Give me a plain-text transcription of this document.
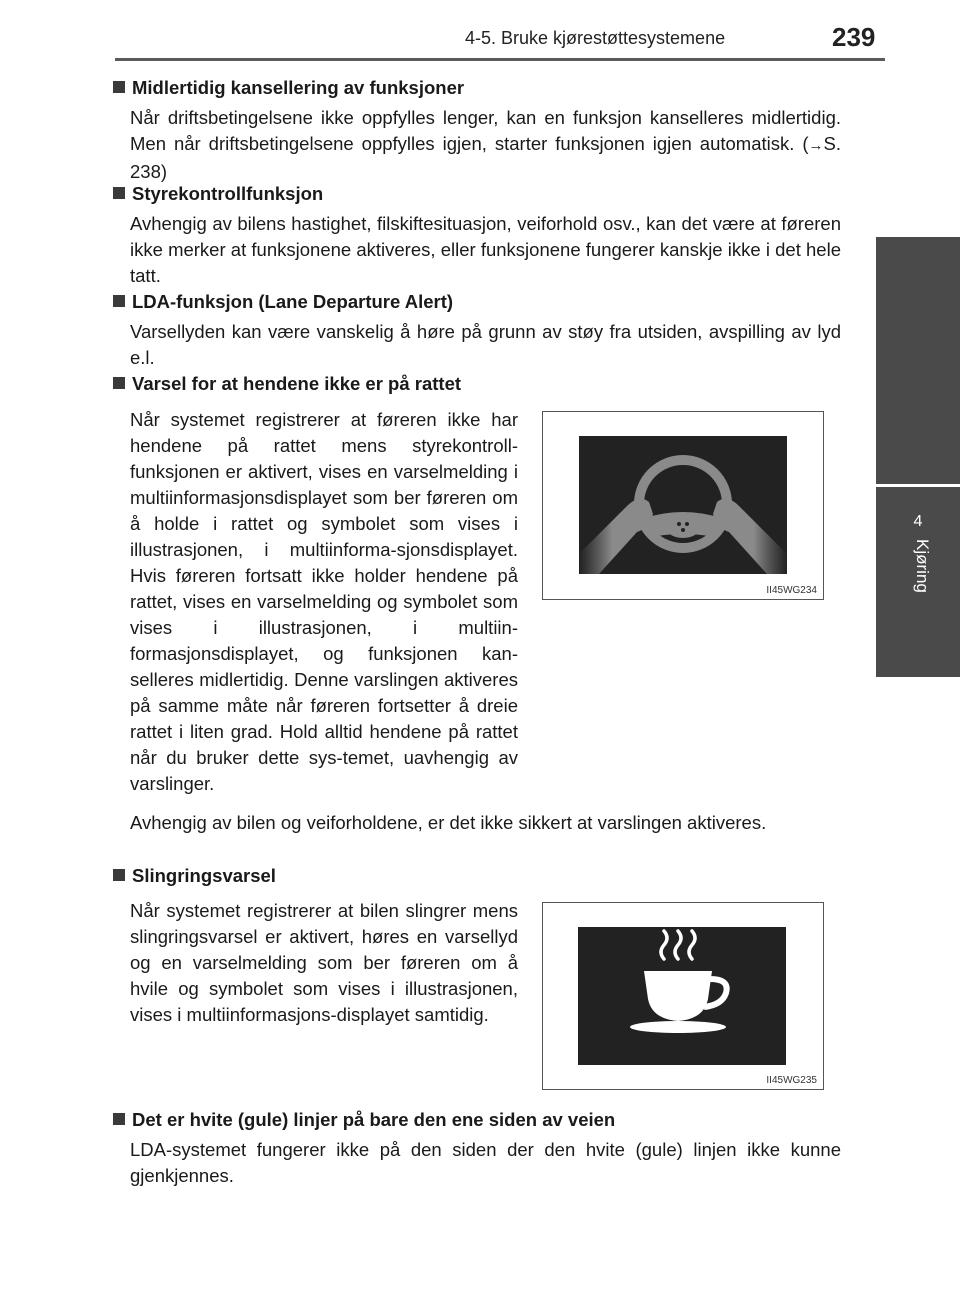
4-5. Bruke kjørestøttesystemene	239
4
Kjøring
Midlertidig kansellering av funksjoner
Når driftsbetingelsene ikke oppfylles lenger, kan en funksjon kanselleres midlertidig. Men når driftsbetingelsene oppfylles igjen, starter funksjonen igjen automatisk. (→S. 238)
Styrekontrollfunksjon
Avhengig av bilens hastighet, filskiftesituasjon, veiforhold osv., kan det være at føreren ikke merker at funksjonene aktiveres, eller funksjonene fungerer kanskje ikke i det hele tatt.
LDA-funksjon (Lane Departure Alert)
Varsellyden kan være vanskelig å høre på grunn av støy fra utsiden, avspilling av lyd e.l.
Varsel for at hendene ikke er på rattet
Når systemet registrerer at føreren ikke har hendene på rattet mens styrekontroll-funksjonen er aktivert, vises en varselmelding i multiinformasjonsdisplayet som ber føreren om å holde i rattet og symbolet som vises i illustrasjonen, i multiinforma-sjonsdisplayet. Hvis føreren fortsatt ikke holder hendene på rattet, vises en varselmelding og symbolet som vises i illustrasjonen, i multiin-formasjonsdisplayet, og funksjonen kan-selleres midlertidig. Denne varslingen aktiveres på samme måte når føreren fortsetter å dreie rattet i liten grad. Hold alltid hendene på rattet når du bruker dette sys-temet, uavhengig av varslinger.
II45WG234
Avhengig av bilen og veiforholdene, er det ikke sikkert at varslingen aktiveres.
Slingringsvarsel
Når systemet registrerer at bilen slingrer mens slingringsvarsel er aktivert, høres en varsellyd og en varselmelding som ber føreren om å hvile og symbolet som vises i illustrasjonen, vises i multiinformasjons-displayet samtidig.
II45WG235
Det er hvite (gule) linjer på bare den ene siden av veien
LDA-systemet fungerer ikke på den siden der den hvite (gule) linjen ikke kunne gjenkjennes.
